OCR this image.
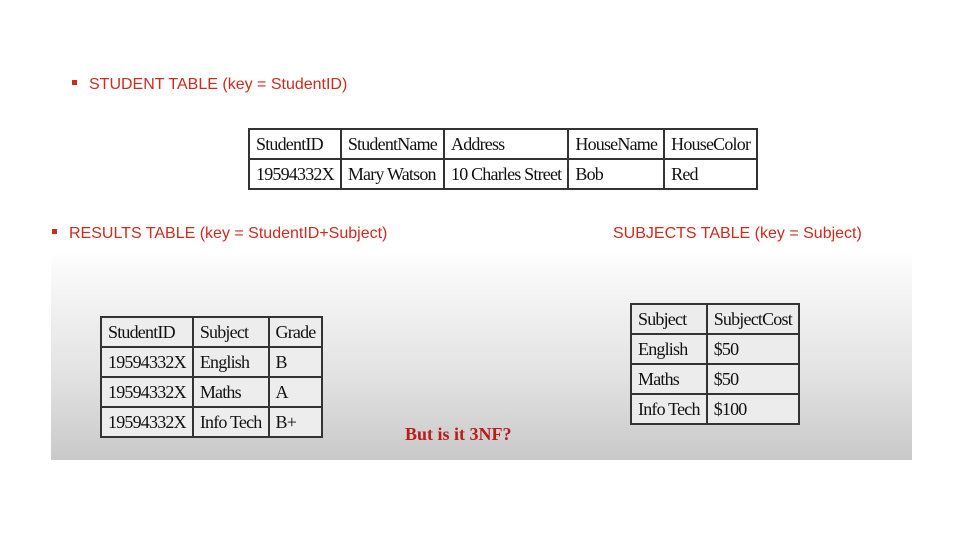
STUDENT TABLE (key = StudentID)
StudentID	StudentName	Address	HouseName	HouseColor
19594332X	Mary Watson	10 Charles Street	Bob	Red
RESULTS TABLE (key = StudentID+Subject)	SUBJECTS TABLE (key = Subject)
StudentID	Subject	Grade
19594332X	English	B
19594332X	Maths	A
19594332X	Info Tech	B+
Subject	SubjectCost
English	$50
Maths	$50
Info Tech	$100
But is it 3NF?
